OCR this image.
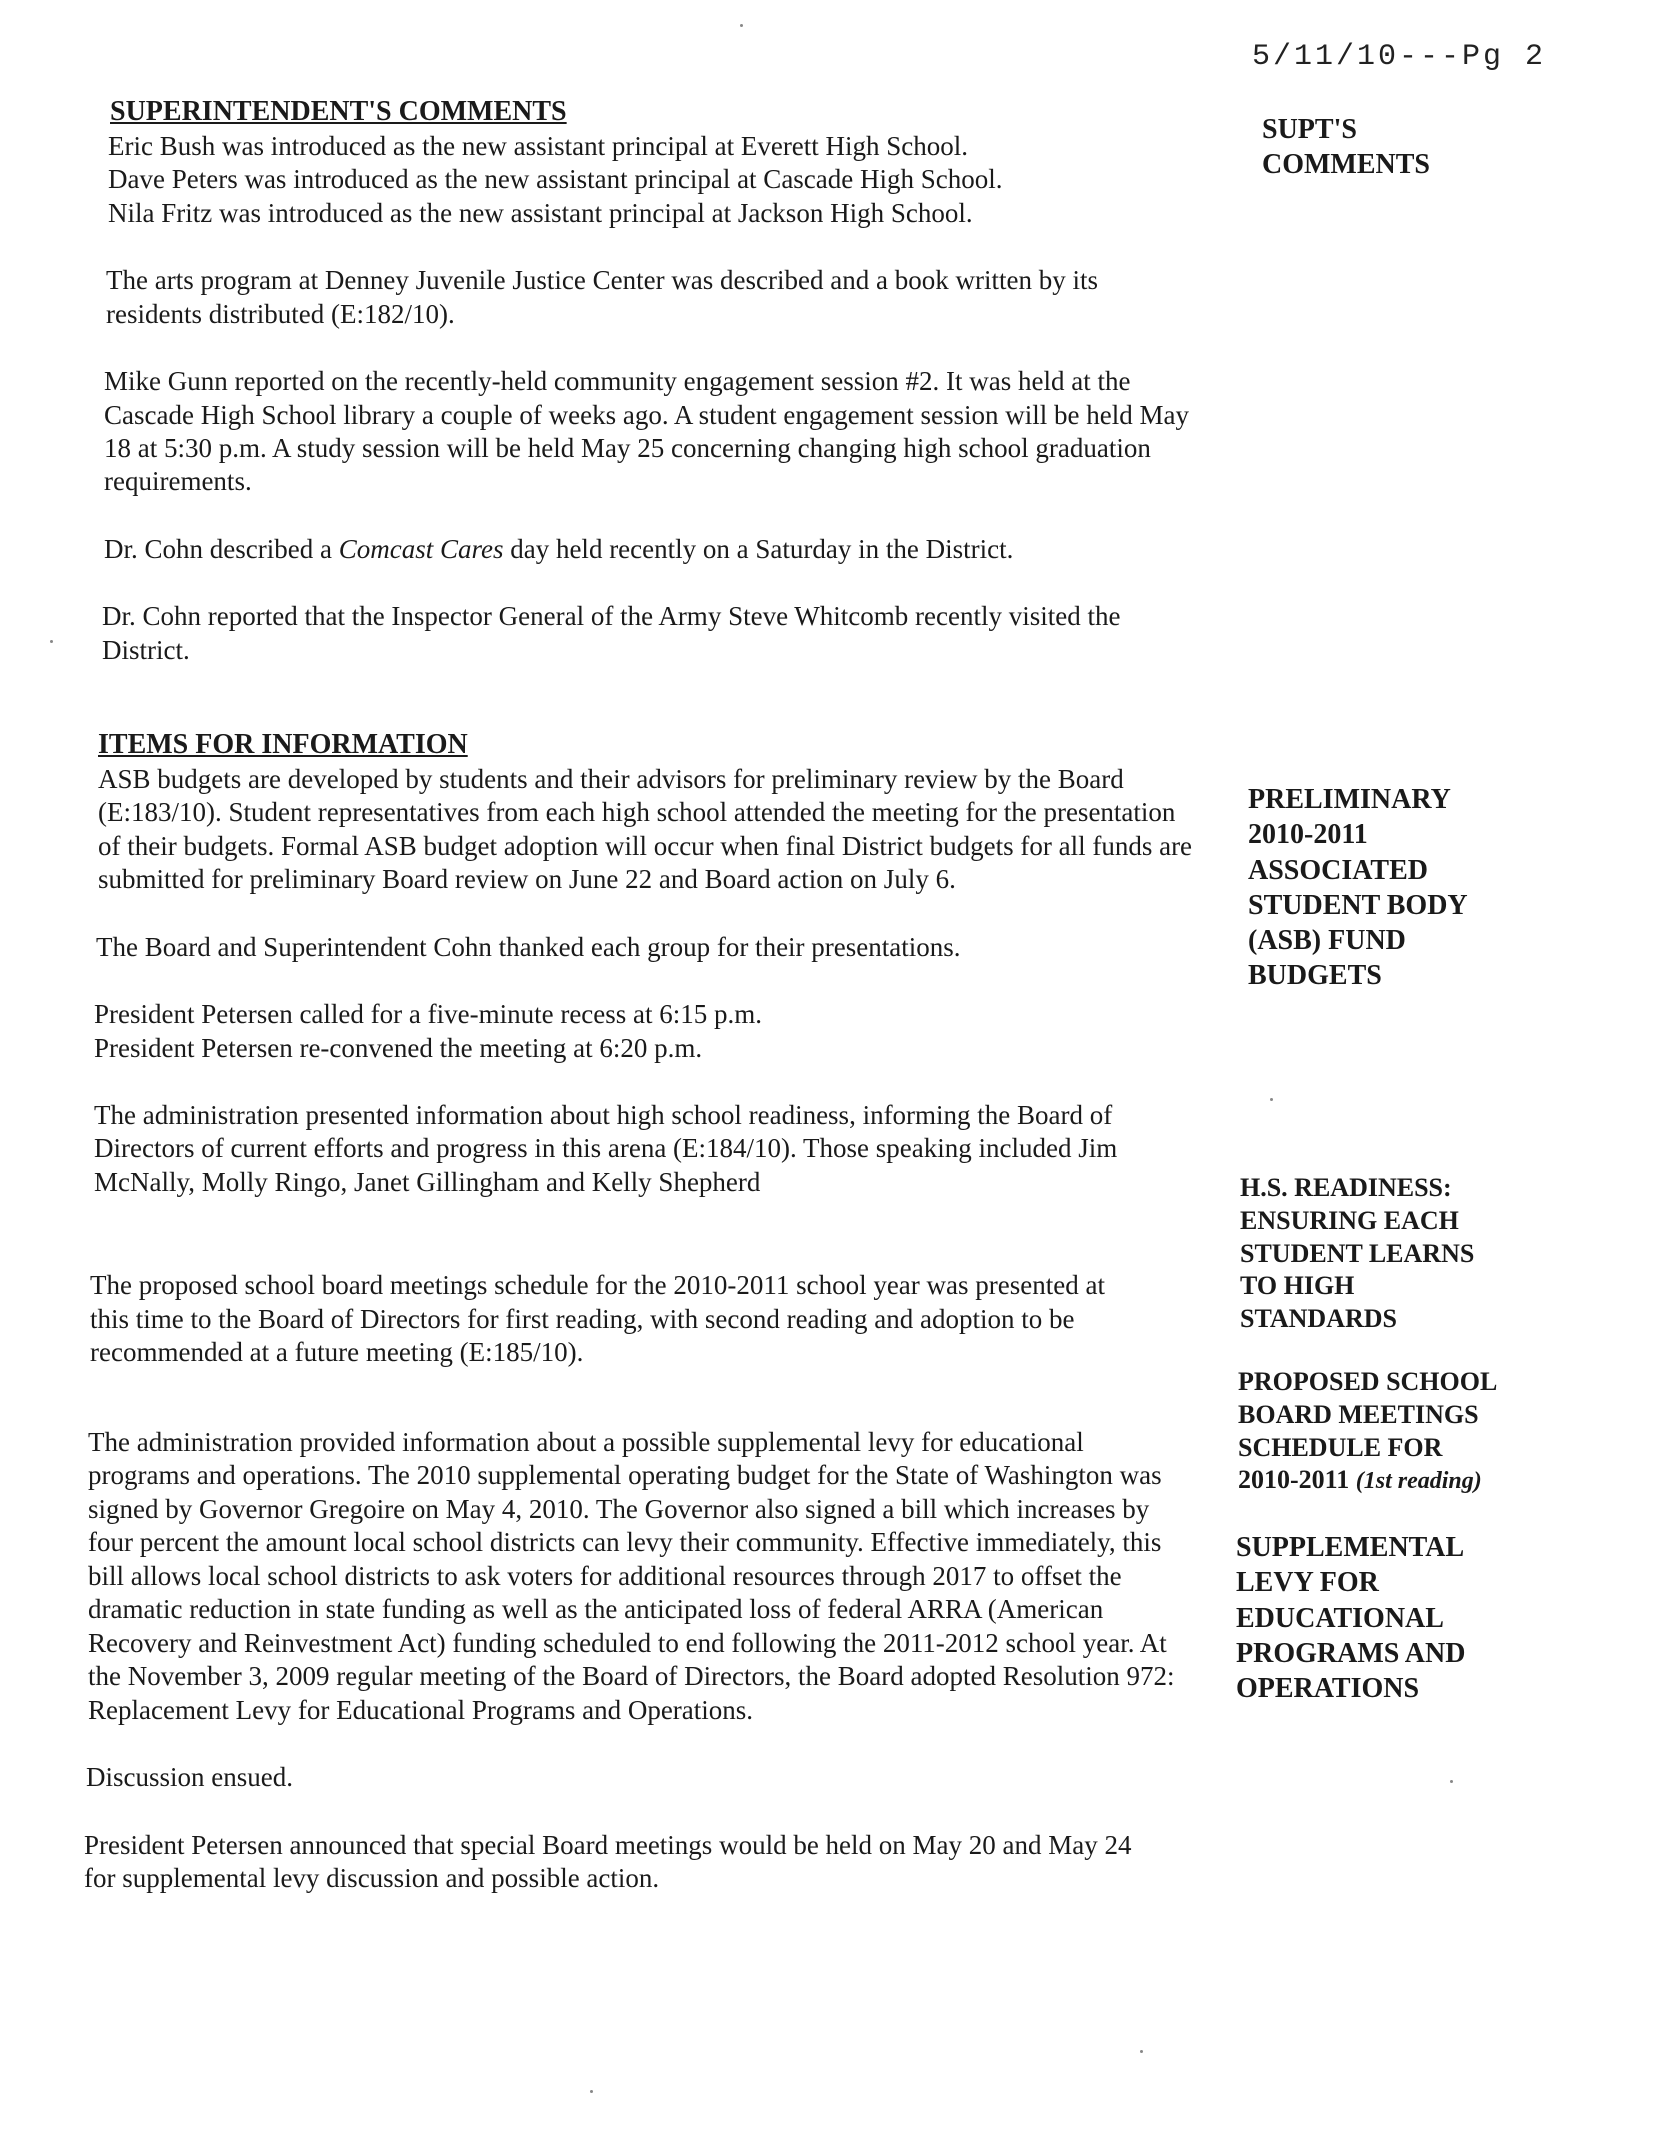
5/11/10---Pg 2
SUPERINTENDENT'S COMMENTS
Eric Bush was introduced as the new assistant principal at Everett High School.
Dave Peters was introduced as the new assistant principal at Cascade High School.
Nila Fritz was introduced as the new assistant principal at Jackson High School.
The arts program at Denney Juvenile Justice Center was described and a book written by its residents distributed (E:182/10).
Mike Gunn reported on the recently-held community engagement session #2. It was held at the Cascade High School library a couple of weeks ago. A student engagement session will be held May 18 at 5:30 p.m. A study session will be held May 25 concerning changing high school graduation requirements.
Dr. Cohn described a Comcast Cares day held recently on a Saturday in the District.
Dr. Cohn reported that the Inspector General of the Army Steve Whitcomb recently visited the District.
ITEMS FOR INFORMATION
ASB budgets are developed by students and their advisors for preliminary review by the Board (E:183/10). Student representatives from each high school attended the meeting for the presentation of their budgets. Formal ASB budget adoption will occur when final District budgets for all funds are submitted for preliminary Board review on June 22 and Board action on July 6.
The Board and Superintendent Cohn thanked each group for their presentations.
President Petersen called for a five-minute recess at 6:15 p.m.
President Petersen re-convened the meeting at 6:20 p.m.
The administration presented information about high school readiness, informing the Board of Directors of current efforts and progress in this arena (E:184/10). Those speaking included Jim McNally, Molly Ringo, Janet Gillingham and Kelly Shepherd
The proposed school board meetings schedule for the 2010-2011 school year was presented at this time to the Board of Directors for first reading, with second reading and adoption to be recommended at a future meeting (E:185/10).
The administration provided information about a possible supplemental levy for educational programs and operations. The 2010 supplemental operating budget for the State of Washington was signed by Governor Gregoire on May 4, 2010. The Governor also signed a bill which increases by four percent the amount local school districts can levy their community. Effective immediately, this bill allows local school districts to ask voters for additional resources through 2017 to offset the dramatic reduction in state funding as well as the anticipated loss of federal ARRA (American Recovery and Reinvestment Act) funding scheduled to end following the 2011-2012 school year. At the November 3, 2009 regular meeting of the Board of Directors, the Board adopted Resolution 972: Replacement Levy for Educational Programs and Operations.
Discussion ensued.
President Petersen announced that special Board meetings would be held on May 20 and May 24 for supplemental levy discussion and possible action.
SUPT'S
COMMENTS
PRELIMINARY
2010-2011
ASSOCIATED
STUDENT BODY
(ASB) FUND
BUDGETS
H.S. READINESS:
ENSURING EACH
STUDENT LEARNS
TO HIGH
STANDARDS
PROPOSED SCHOOL
BOARD MEETINGS
SCHEDULE FOR
2010-2011 (1st reading)
SUPPLEMENTAL
LEVY FOR
EDUCATIONAL
PROGRAMS AND
OPERATIONS
